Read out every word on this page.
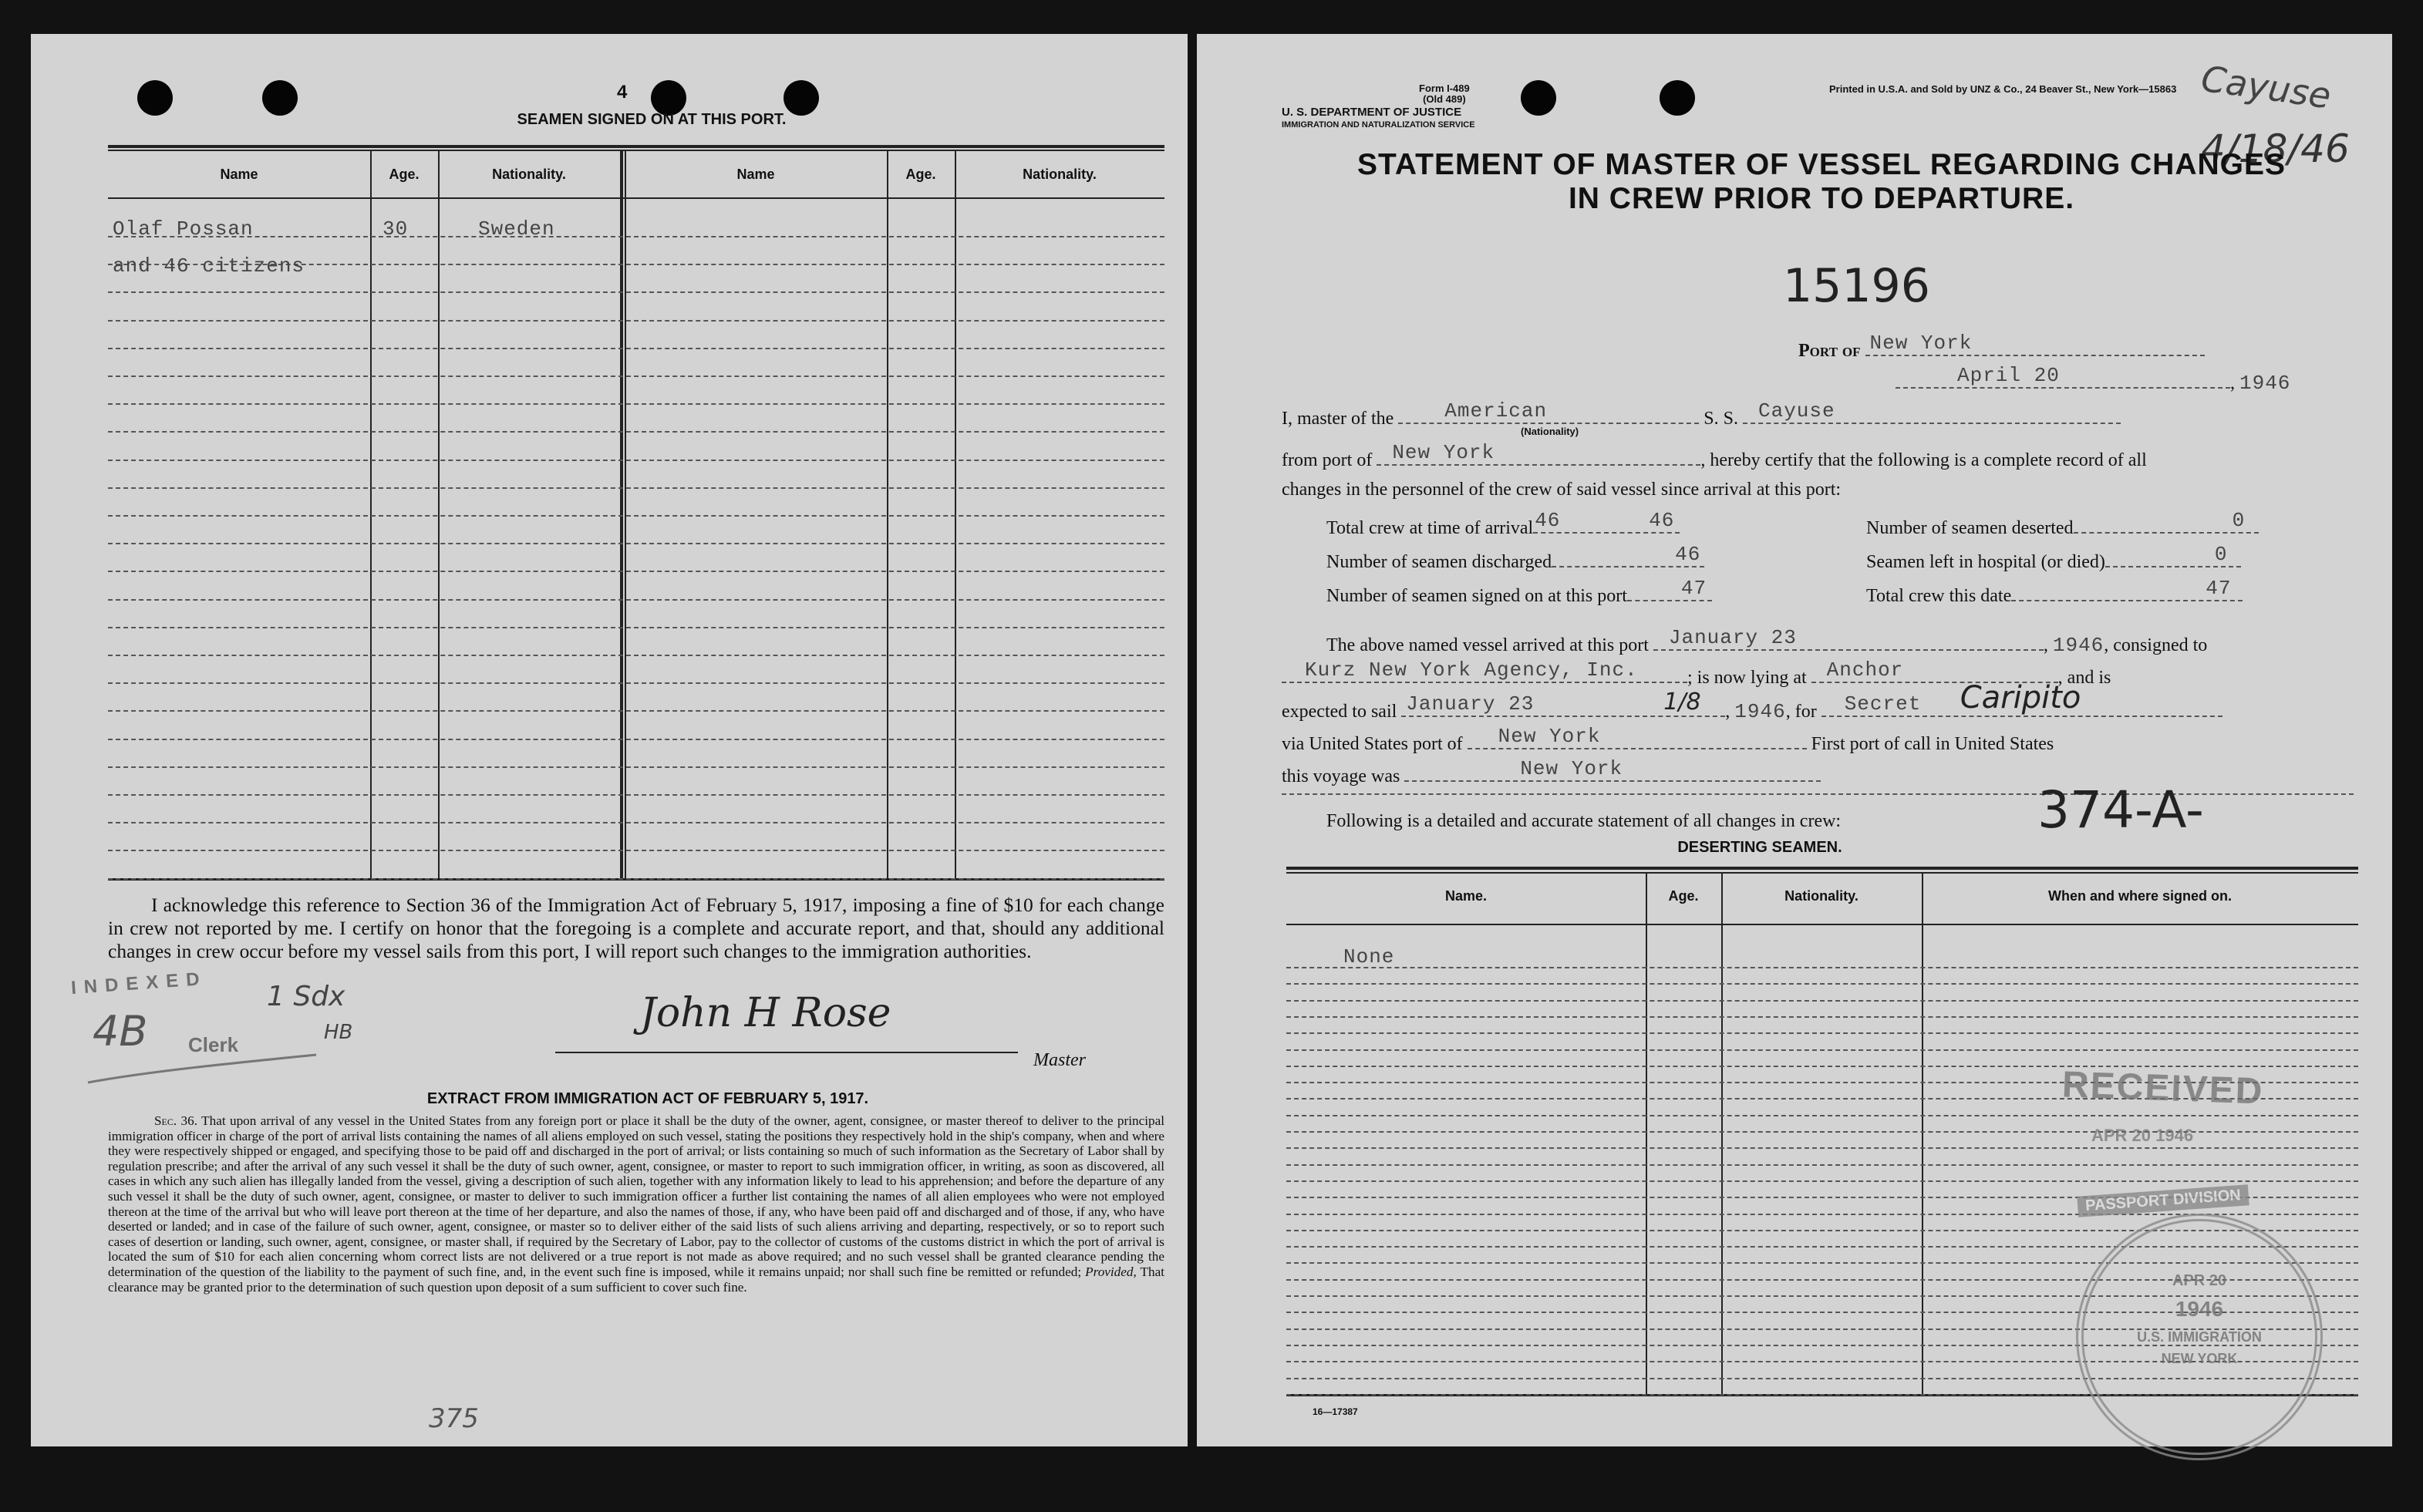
4
SEAMEN SIGNED ON AT THIS PORT.
Name	Age.	Nationality.	Name	Age.	Nationality.
Olaf Possan	30	Sweden
and 46 citizens
I acknowledge this reference to Section 36 of the Immigration Act of February 5, 1917, imposing a fine of $10 for each change in crew not reported by me. I certify on honor that the foregoing is a complete and accurate report, and that, should any additional changes in crew occur before my vessel sails from this port, I will report such changes to the immigration authorities.
INDEXED
4B Clerk
1 Sdx
HB	John H Rose
Master
EXTRACT FROM IMMIGRATION ACT OF FEBRUARY 5, 1917.
Sec. 36. That upon arrival of any vessel in the United States from any foreign port or place it shall be the duty of the owner, agent, consignee, or master thereof to deliver to the principal immigration officer in charge of the port of arrival lists containing the names of all aliens employed on such vessel, stating the positions they respectively hold in the ship's company, when and where they were respectively shipped or engaged, and specifying those to be paid off and discharged in the port of arrival; or lists containing so much of such information as the Secretary of Labor shall by regulation prescribe; and after the arrival of any such vessel it shall be the duty of such owner, agent, consignee, or master to report to such immigration officer, in writing, as soon as discovered, all cases in which any such alien has illegally landed from the vessel, giving a description of such alien, together with any information likely to lead to his apprehension; and before the departure of any such vessel it shall be the duty of such owner, agent, consignee, or master to deliver to such immigration officer a further list containing the names of all alien employees who were not employed thereon at the time of the arrival but who will leave port thereon at the time of her departure, and also the names of those, if any, who have been paid off and discharged and of those, if any, who have deserted or landed; and in case of the failure of such owner, agent, consignee, or master so to deliver either of the said lists of such aliens arriving and departing, respectively, or so to report such cases of desertion or landing, such owner, agent, consignee, or master shall, if required by the Secretary of Labor, pay to the collector of customs of the customs district in which the port of arrival is located the sum of $10 for each alien concerning whom correct lists are not delivered or a true report is not made as above required; and no such vessel shall be granted clearance pending the determination of the question of the liability to the payment of such fine, and, in the event such fine is imposed, while it remains unpaid; nor shall such fine be remitted or refunded; Provided, That clearance may be granted prior to the determination of such question upon deposit of a sum sufficient to cover such fine.
375
Form I-489
(Old 489)
U. S. DEPARTMENT OF JUSTICE
IMMIGRATION AND NATURALIZATION SERVICE
Printed in U.S.A. and Sold by UNZ & Co., 24 Beaver St., New York—15863 Cayuse
4/18/46
STATEMENT OF MASTER OF VESSEL REGARDING CHANGES
IN CREW PRIOR TO DEPARTURE.
15196
Port of New York
April 20	, 1946
I, master of the	American	S. S. Cayuse
(Nationality)
from port of New York	, hereby certify that the following is a complete record of all
changes in the personnel of the crew of said vessel since arrival at this port:
Total crew at time of arrival 46	46
Number of seamen discharged	46
Number of seamen signed on at this port	47
Number of seamen deserted	0
Seamen left in hospital (or died)	0
Total crew this date	47
The above named vessel arrived at this port January 23	, 1946, consigned to
Kurz New York Agency, Inc.	; is now lying at Anchor	, and is
expected to sail January 23	1/8 , 1946, for Secret Caripito
via United States port of New York	First port of call in United States
this voyage was	New York
Following is a detailed and accurate statement of all changes in crew:	374-A-
DESERTING SEAMEN.
Name.	Age.	Nationality.	When and where signed on.
None
RECEIVED
APR 20 1946
PASSPORT DIVISION
APR 20
1946
U.S. IMMIGRATION
NEW YORK
16—17387
